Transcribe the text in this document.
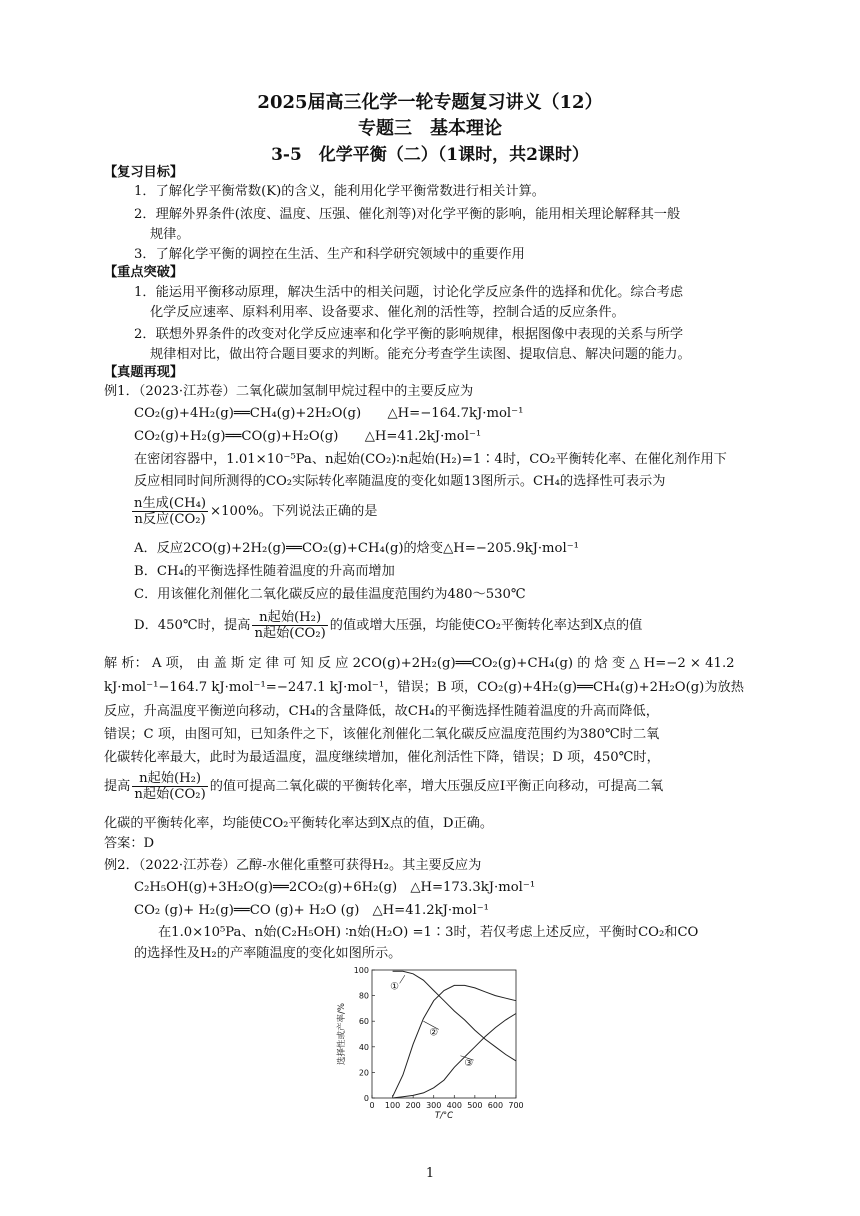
2025届高三化学一轮专题复习讲义（12）
专题三　基本理论
3-5　化学平衡（二）（1课时，共2课时）
【复习目标】
1．了解化学平衡常数(K)的含义，能利用化学平衡常数进行相关计算。
2．理解外界条件(浓度、温度、压强、催化剂等)对化学平衡的影响，能用相关理论解释其一般
规律。
3．了解化学平衡的调控在生活、生产和科学研究领域中的重要作用
【重点突破】
1．能运用平衡移动原理，解决生活中的相关问题，讨论化学反应条件的选择和优化。综合考虑
化学反应速率、原料利用率、设备要求、催化剂的活性等，控制合适的反应条件。
2．联想外界条件的改变对化学反应速率和化学平衡的影响规律，根据图像中表现的关系与所学
规律相对比，做出符合题目要求的判断。能充分考查学生读图、提取信息、解决问题的能力。
【真题再现】
例1．（2023·江苏卷）二氧化碳加氢制甲烷过程中的主要反应为
CO₂(g)+4H₂(g)══CH₄(g)+2H₂O(g)　　△H=−164.7kJ·mol⁻¹
CO₂(g)+H₂(g)══CO(g)+H₂O(g)　　△H=41.2kJ·mol⁻¹
在密闭容器中，1.01×10⁻⁵Pa、n起始(CO₂)∶n起始(H₂)=1∶4时，CO₂平衡转化率、在催化剂作用下
反应相同时间所测得的CO₂实际转化率随温度的变化如题13图所示。CH₄的选择性可表示为
$\frac{\text{n生成(CH₄)}}{\text{n反应(CO₂)}} \times 100\%$。下列说法正确的是
A．反应2CO(g)+2H₂(g)══CO₂(g)+CH₄(g)的焓变△H=−205.9kJ·mol⁻¹
B．CH₄的平衡选择性随着温度的升高而增加
C．用该催化剂催化二氧化碳反应的最佳温度范围约为480～530℃
D．450℃时，提高 $\frac{\text{n起始(H₂)}}{\text{n起始(CO₂)}}$ 的值或增大压强，均能使CO₂平衡转化率达到X点的值
解 析： A 项， 由 盖 斯 定 律 可 知 反 应 2CO(g)+2H₂(g)══CO₂(g)+CH₄(g) 的 焓 变 △ H=−2 × 41.2
kJ·mol⁻¹−164.7 kJ·mol⁻¹=−247.1 kJ·mol⁻¹，错误；B 项，CO₂(g)+4H₂(g)══CH₄(g)+2H₂O(g)为放热
反应，升高温度平衡逆向移动，CH₄的含量降低，故CH₄的平衡选择性随着温度的升高而降低，
错误；C 项，由图可知，已知条件之下，该催化剂催化二氧化碳反应温度范围约为380℃时二氧
化碳转化率最大，此时为最适温度，温度继续增加，催化剂活性下降，错误；D 项，450℃时，
提高 $\frac{\text{n起始(H₂)}}{\text{n起始(CO₂)}}$ 的值可提高二氧化碳的平衡转化率，增大压强反应I平衡正向移动，可提高二氧
化碳的平衡转化率，均能使CO₂平衡转化率达到X点的值，D正确。
答案：D
例2．（2022·江苏卷）乙醇-水催化重整可获得H₂。其主要反应为
C₂H₅OH(g)+3H₂O(g)══2CO₂(g)+6H₂(g)　△H=173.3kJ·mol⁻¹
CO₂ (g)+ H₂(g)══CO (g)+ H₂O (g)　△H=41.2kJ·mol⁻¹
在1.0×10⁵Pa、n始(C₂H₅OH) ∶n始(H₂O) =1∶3时，若仅考虑上述反应，平衡时CO₂和CO
的选择性及H₂的产率随温度的变化如图所示。
0 100 200 300 400 500 600 700
0
20
40
60
80
100
T/°C
选择性或产率/%
①
②
③
1
